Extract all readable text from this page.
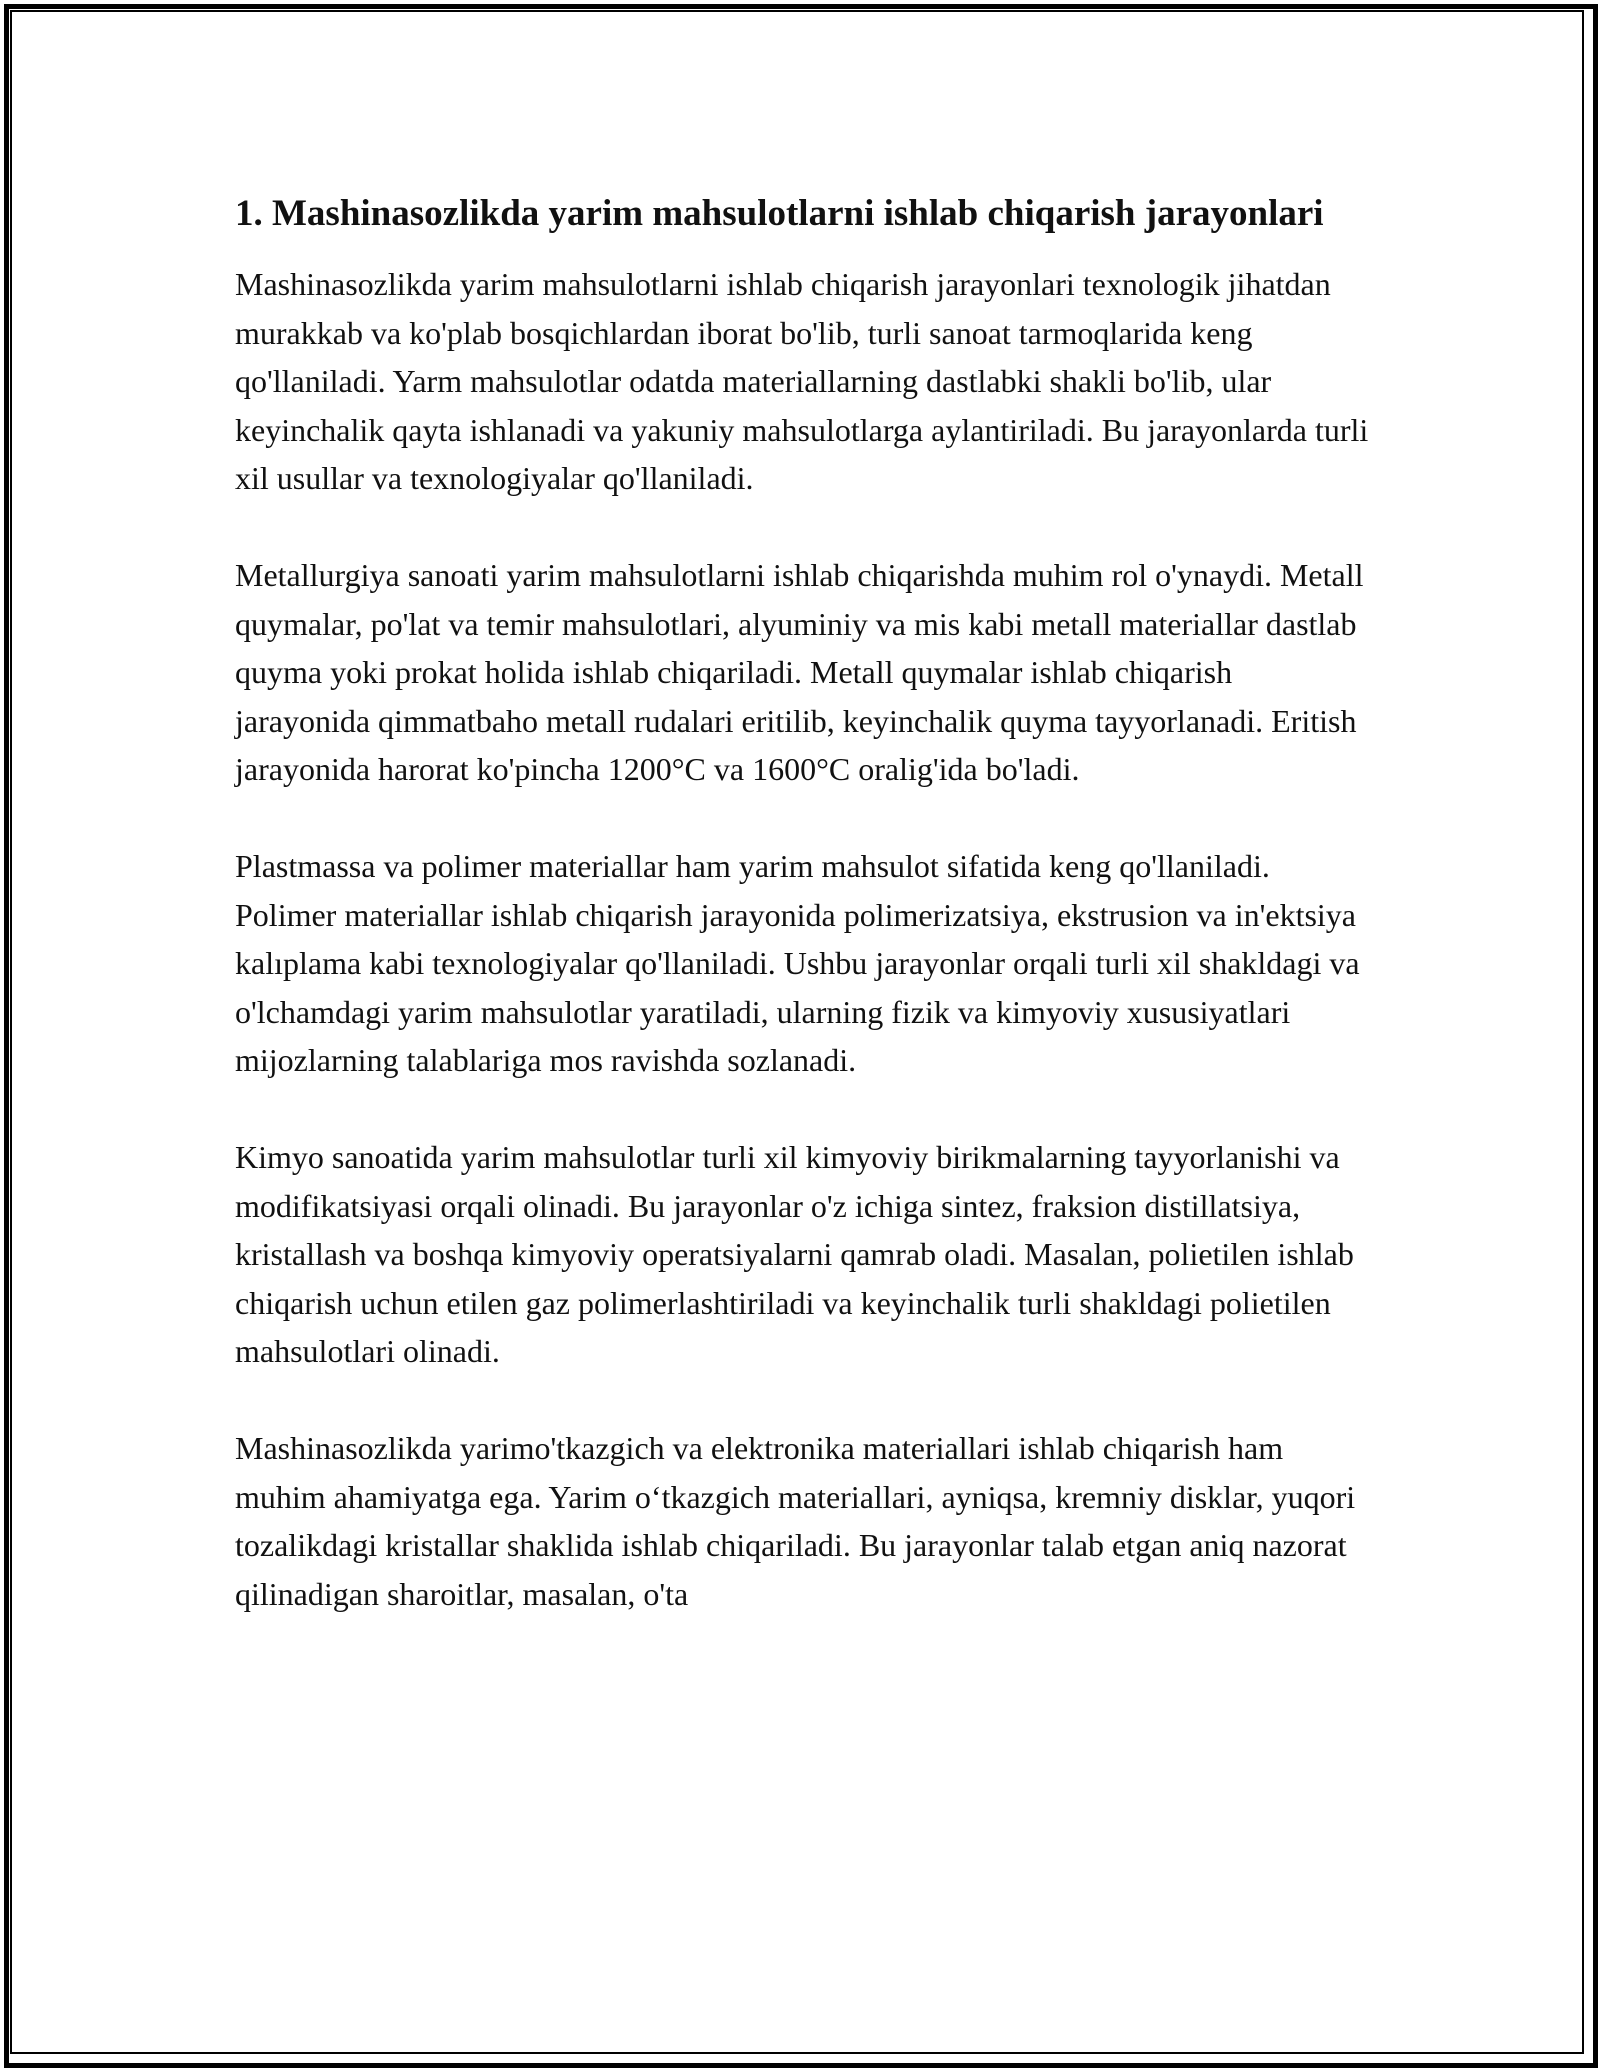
1. Mashinasozlikda yarim mahsulotlarni ishlab chiqarish jarayonlari

Mashinasozlikda yarim mahsulotlarni ishlab chiqarish jarayonlari texnologik jihatdan murakkab va ko'plab bosqichlardan iborat bo'lib, turli sanoat tarmoqlarida keng qo'llaniladi. Yarm mahsulotlar odatda materiallarning dastlabki shakli bo'lib, ular keyinchalik qayta ishlanadi va yakuniy mahsulotlarga aylantiriladi. Bu jarayonlarda turli xil usullar va texnologiyalar qo'llaniladi.

Metallurgiya sanoati yarim mahsulotlarni ishlab chiqarishda muhim rol o'ynaydi. Metall quymalar, po'lat va temir mahsulotlari, alyuminiy va mis kabi metall materiallar dastlab quyma yoki prokat holida ishlab chiqariladi. Metall quymalar ishlab chiqarish jarayonida qimmatbaho metall rudalari eritilib, keyinchalik quyma tayyorlanadi. Eritish jarayonida harorat ko'pincha 1200°C va 1600°C oralig'ida bo'ladi.

Plastmassa va polimer materiallar ham yarim mahsulot sifatida keng qo'llaniladi. Polimer materiallar ishlab chiqarish jarayonida polimerizatsiya, ekstrusion va in'ektsiya kalıplama kabi texnologiyalar qo'llaniladi. Ushbu jarayonlar orqali turli xil shakldagi va o'lchamdagi yarim mahsulotlar yaratiladi, ularning fizik va kimyoviy xususiyatlari mijozlarning talablariga mos ravishda sozlanadi.

Kimyo sanoatida yarim mahsulotlar turli xil kimyoviy birikmalarning tayyorlanishi va modifikatsiyasi orqali olinadi. Bu jarayonlar o'z ichiga sintez, fraksion distillatsiya, kristallash va boshqa kimyoviy operatsiyalarni qamrab oladi. Masalan, polietilen ishlab chiqarish uchun etilen gaz polimerlashtiriladi va keyinchalik turli shakldagi polietilen mahsulotlari olinadi.

Mashinasozlikda yarimo'tkazgich va elektronika materiallari ishlab chiqarish ham muhim ahamiyatga ega. Yarim o‘tkazgich materiallari, ayniqsa, kremniy disklar, yuqori tozalikdagi kristallar shaklida ishlab chiqariladi. Bu jarayonlar talab etgan aniq nazorat qilinadigan sharoitlar, masalan, o'ta
